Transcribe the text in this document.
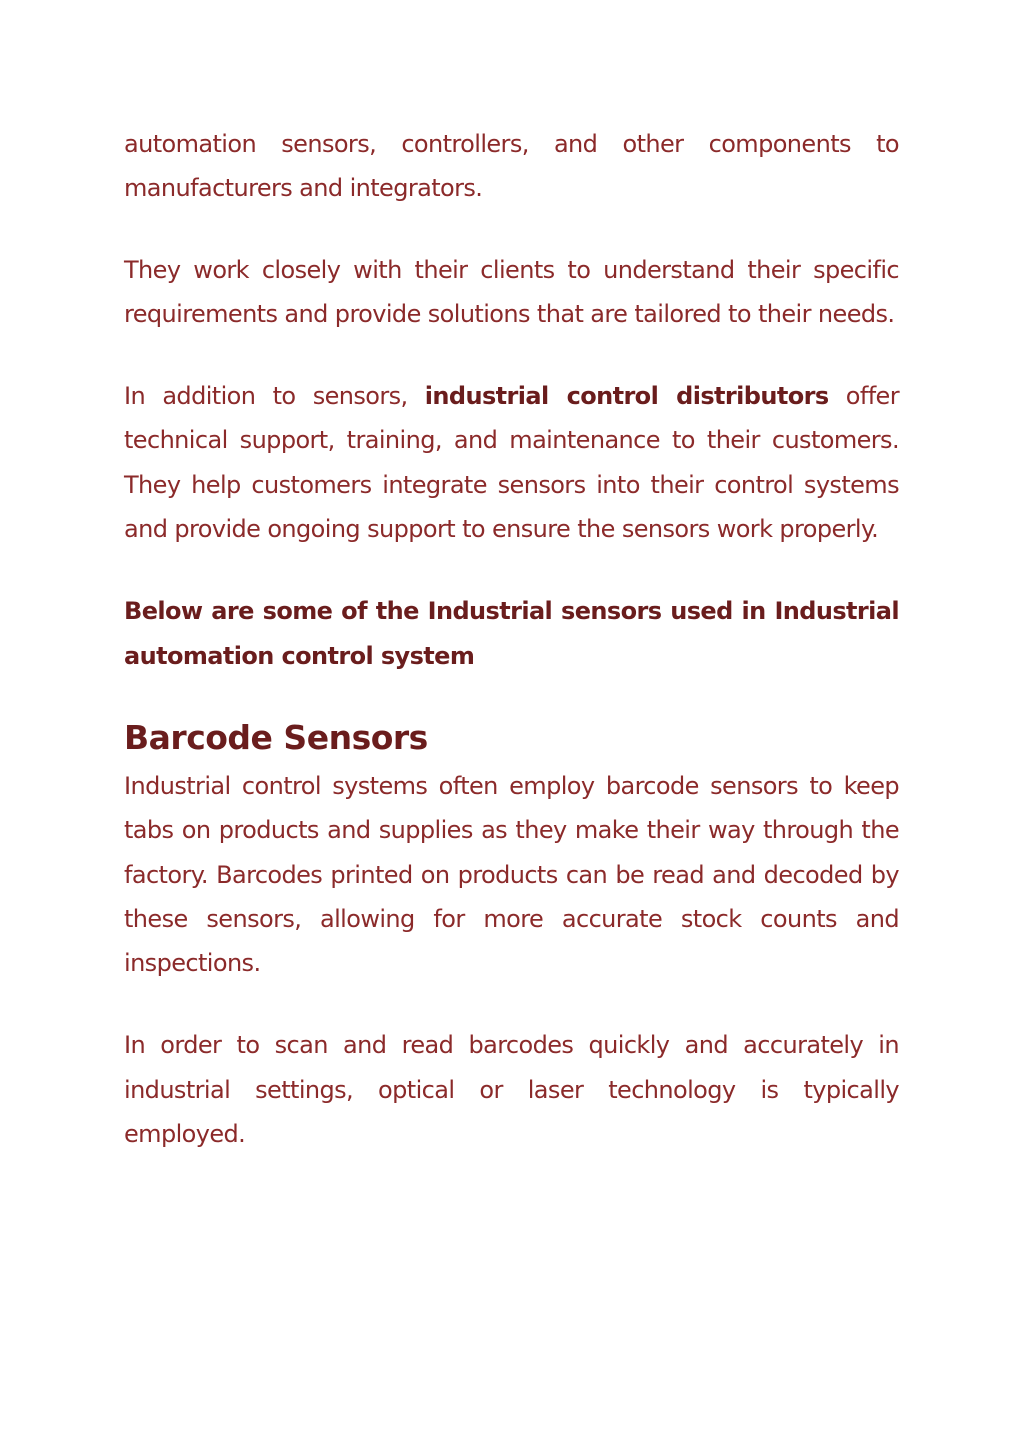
automation sensors, controllers, and other components to manufacturers and integrators.

They work closely with their clients to understand their specific requirements and provide solutions that are tailored to their needs.

In addition to sensors, industrial control distributors offer technical support, training, and maintenance to their customers. They help customers integrate sensors into their control systems and provide ongoing support to ensure the sensors work properly.

Below are some of the Industrial sensors used in Industrial automation control system

Barcode Sensors

Industrial control systems often employ barcode sensors to keep tabs on products and supplies as they make their way through the factory. Barcodes printed on products can be read and decoded by these sensors, allowing for more accurate stock counts and inspections.

In order to scan and read barcodes quickly and accurately in industrial settings, optical or laser technology is typically employed.
